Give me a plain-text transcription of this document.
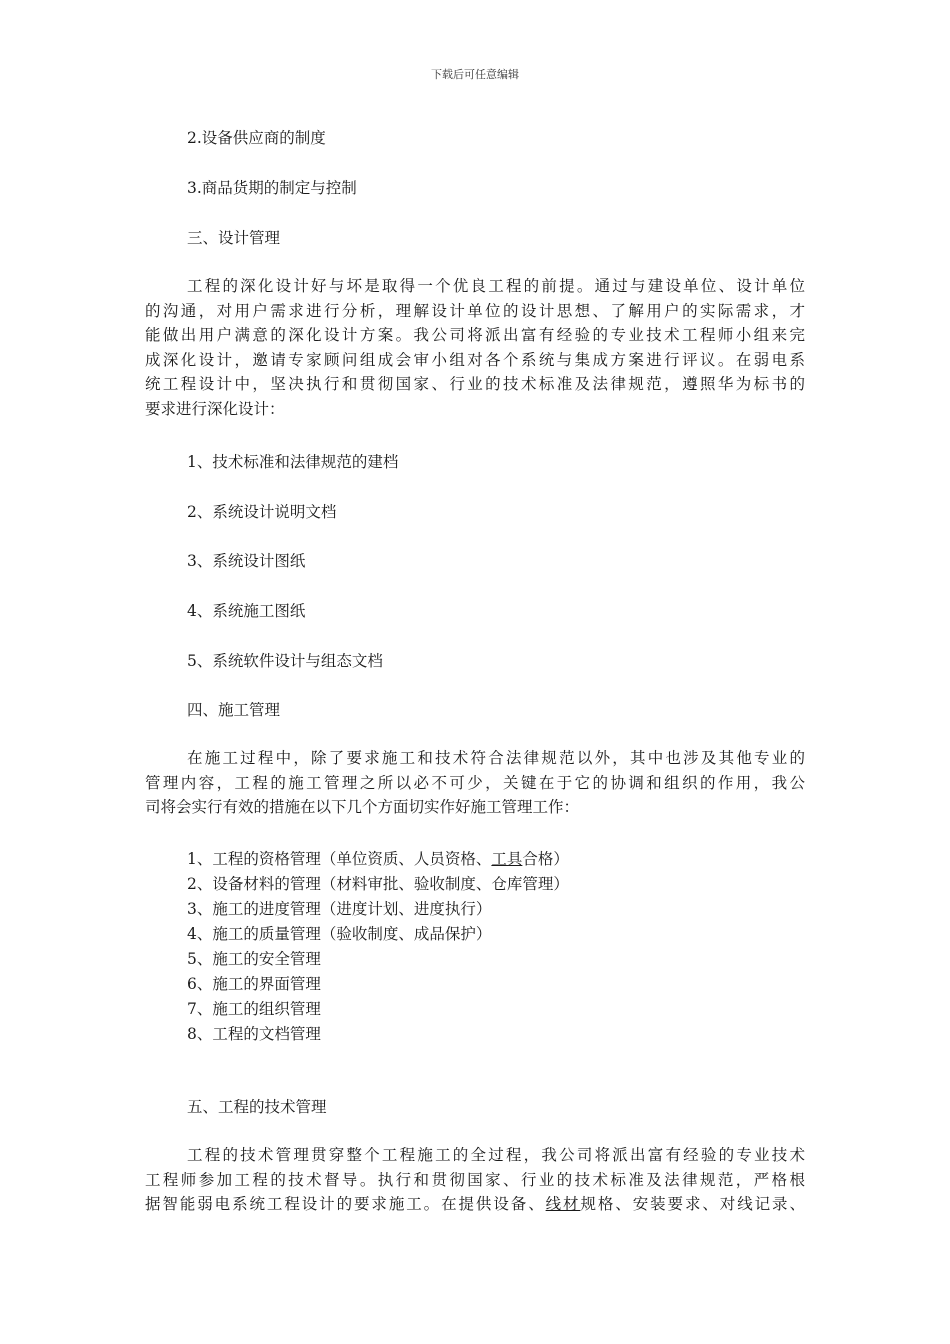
下载后可任意编辑
2.设备供应商的制度
3.商品货期的制定与控制
三、设计管理
工程的深化设计好与坏是取得一个优良工程的前提。通过与建设单位、设计单位
的沟通，对用户需求进行分析，理解设计单位的设计思想、了解用户的实际需求，才
能做出用户满意的深化设计方案。我公司将派出富有经验的专业技术工程师小组来完
成深化设计，邀请专家顾问组成会审小组对各个系统与集成方案进行评议。在弱电系
统工程设计中，坚决执行和贯彻国家、行业的技术标准及法律规范，遵照华为标书的
要求进行深化设计：
1、技术标准和法律规范的建档
2、系统设计说明文档
3、系统设计图纸
4、系统施工图纸
5、系统软件设计与组态文档
四、施工管理
在施工过程中，除了要求施工和技术符合法律规范以外，其中也涉及其他专业的
管理内容，工程的施工管理之所以必不可少，关键在于它的协调和组织的作用，我公
司将会实行有效的措施在以下几个方面切实作好施工管理工作：
1、工程的资格管理（单位资质、人员资格、工具合格）
2、设备材料的管理（材料审批、验收制度、仓库管理）
3、施工的进度管理（进度计划、进度执行）
4、施工的质量管理（验收制度、成品保护）
5、施工的安全管理
6、施工的界面管理
7、施工的组织管理
8、工程的文档管理
五、工程的技术管理
工程的技术管理贯穿整个工程施工的全过程，我公司将派出富有经验的专业技术
工程师参加工程的技术督导。执行和贯彻国家、行业的技术标准及法律规范，严格根
据智能弱电系统工程设计的要求施工。在提供设备、线材规格、安装要求、对线记录、
